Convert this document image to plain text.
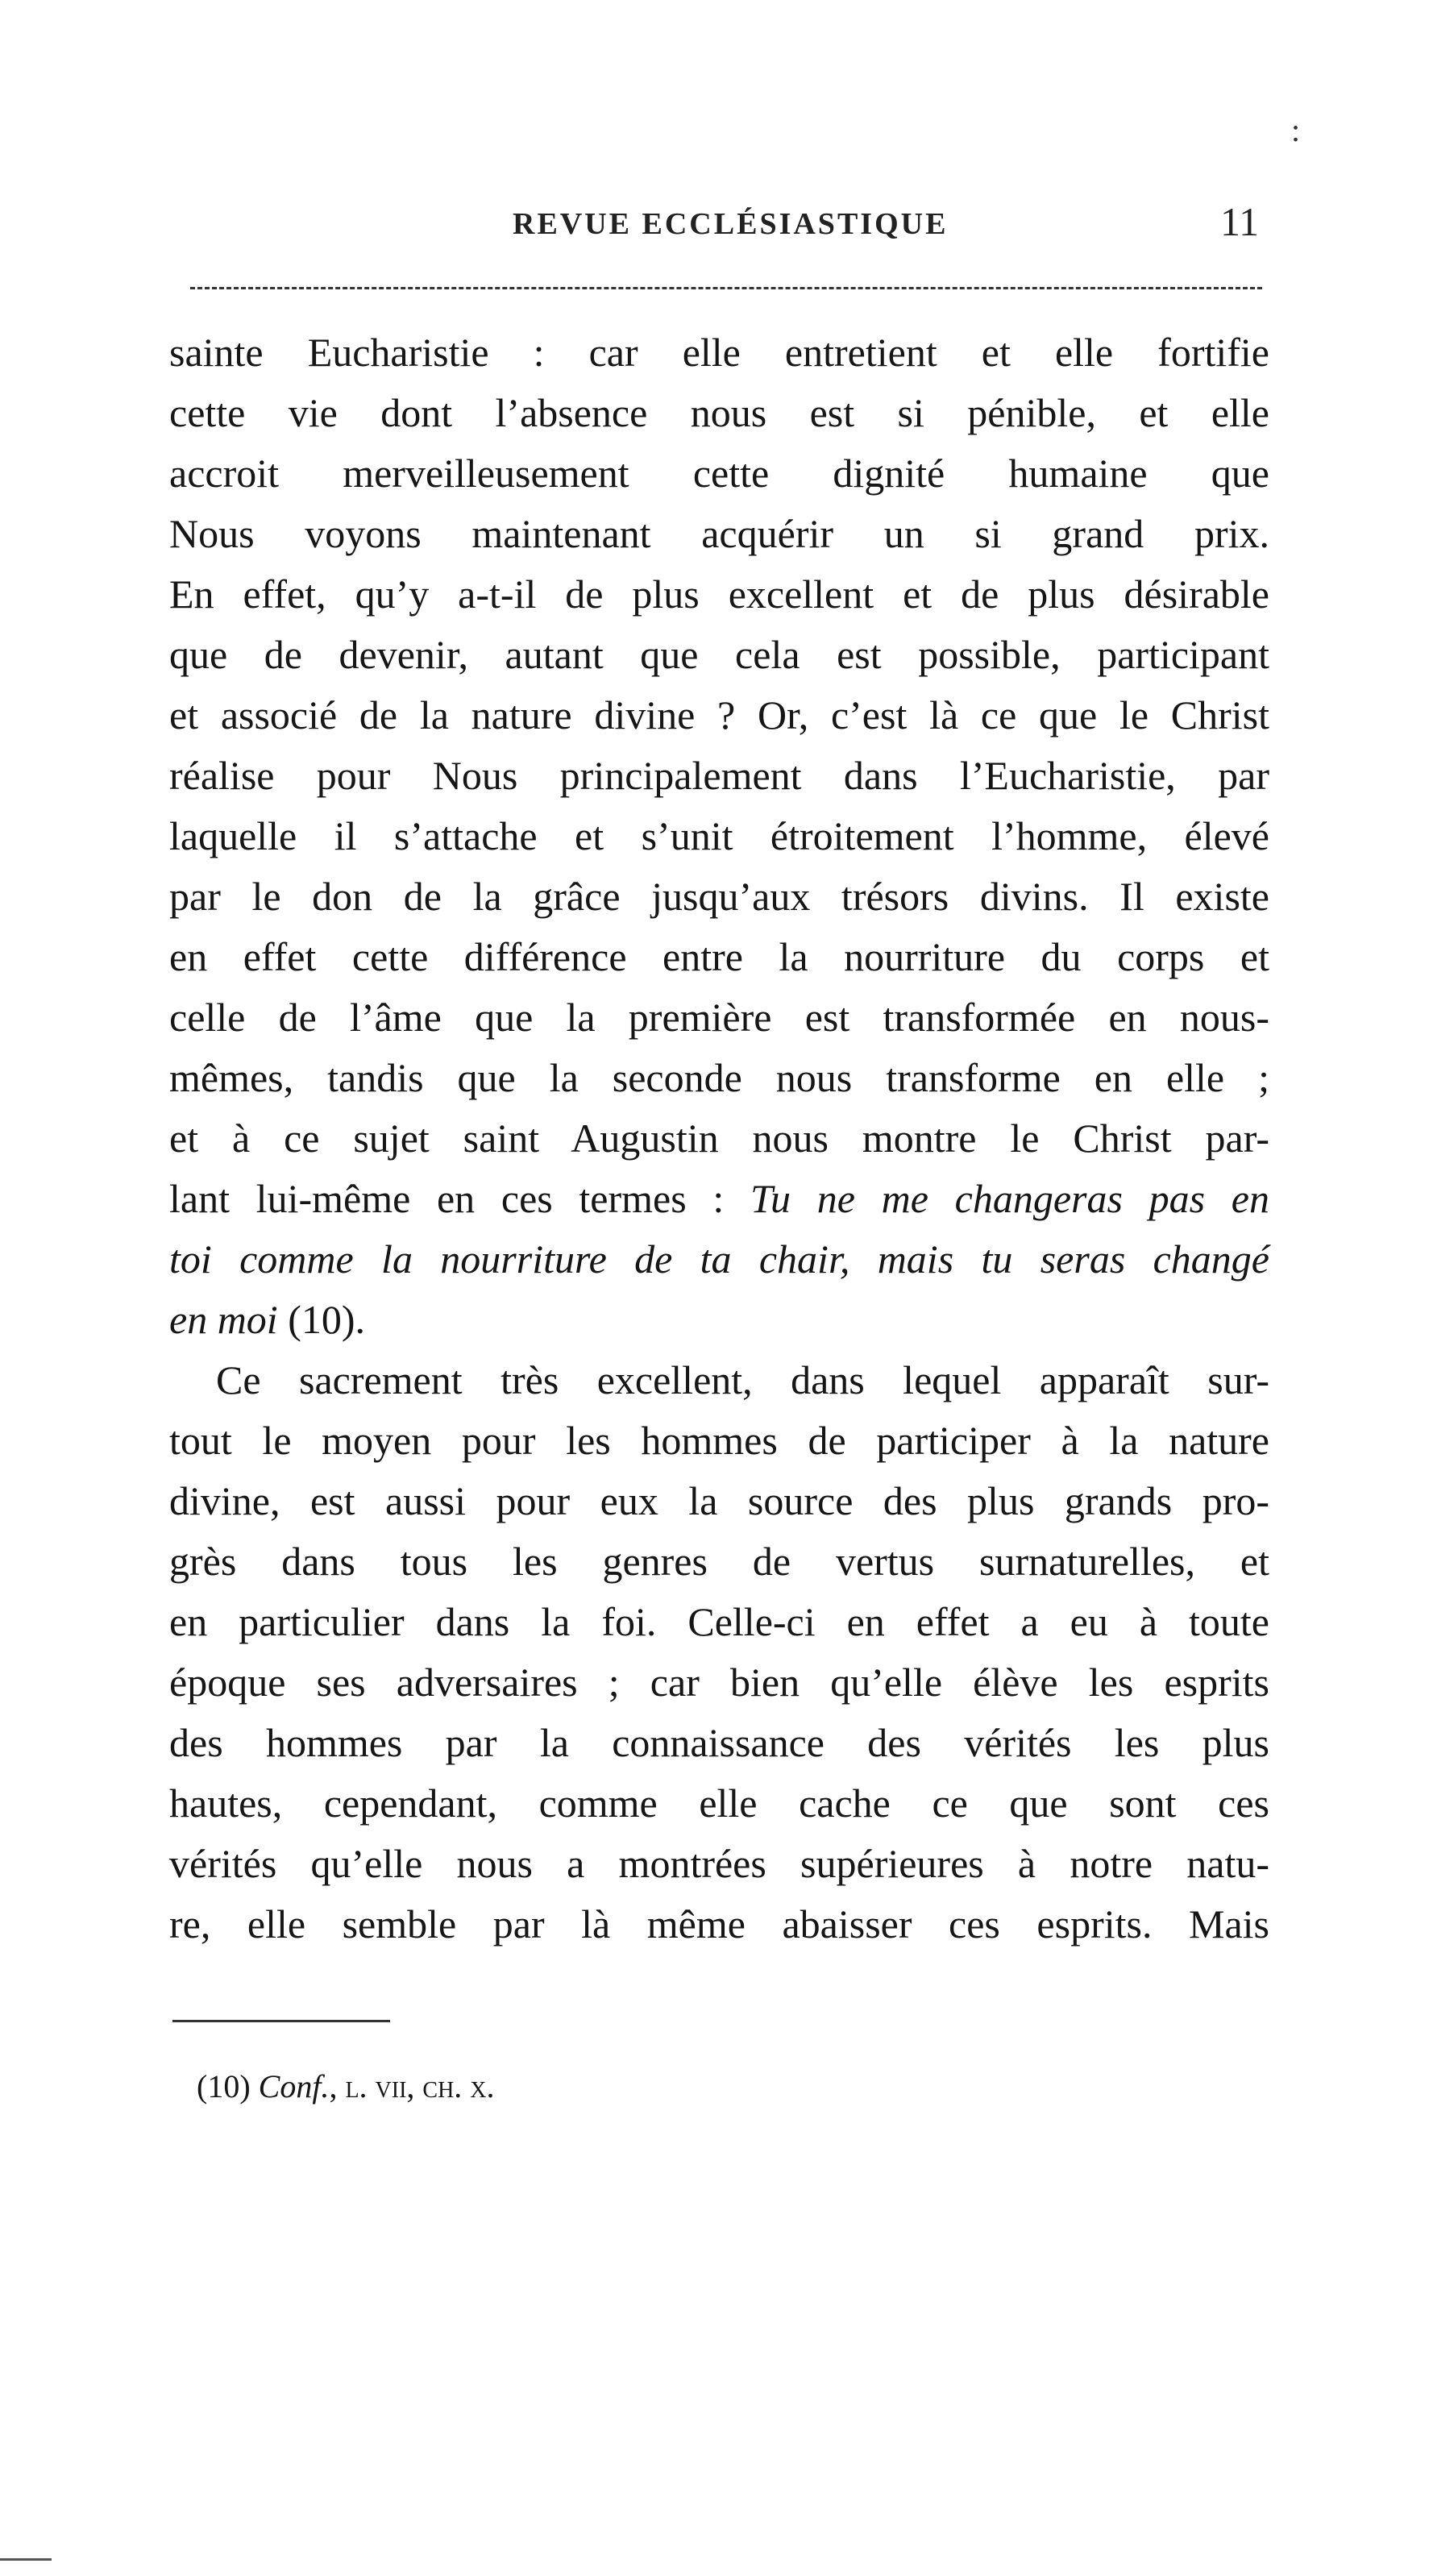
:
REVUE ECCLÉSIASTIQUE	11
sainte Eucharistie : car elle entretient et elle fortifie
cette vie dont l’absence nous est si pénible, et elle
accroit merveilleusement cette dignité humaine que
Nous voyons maintenant acquérir un si grand prix.
En effet, qu’y a-t-il de plus excellent et de plus désirable
que de devenir, autant que cela est possible, participant
et associé de la nature divine ? Or, c’est là ce que le Christ
réalise pour Nous principalement dans l’Eucharistie, par
laquelle il s’attache et s’unit étroitement l’homme, élevé
par le don de la grâce jusqu’aux trésors divins. Il existe
en effet cette différence entre la nourriture du corps et
celle de l’âme que la première est transformée en nous-
mêmes, tandis que la seconde nous transforme en elle ;
et à ce sujet saint Augustin nous montre le Christ par-
lant lui-même en ces termes : Tu ne me changeras pas en
toi comme la nourriture de ta chair, mais tu seras changé
en moi (10).
Ce sacrement très excellent, dans lequel apparaît sur-
tout le moyen pour les hommes de participer à la nature
divine, est aussi pour eux la source des plus grands pro-
grès dans tous les genres de vertus surnaturelles, et
en particulier dans la foi. Celle-ci en effet a eu à toute
époque ses adversaires ; car bien qu’elle élève les esprits
des hommes par la connaissance des vérités les plus
hautes, cependant, comme elle cache ce que sont ces
vérités qu’elle nous a montrées supérieures à notre natu-
re, elle semble par là même abaisser ces esprits. Mais
(10) Conf., l. vii, ch. x.
